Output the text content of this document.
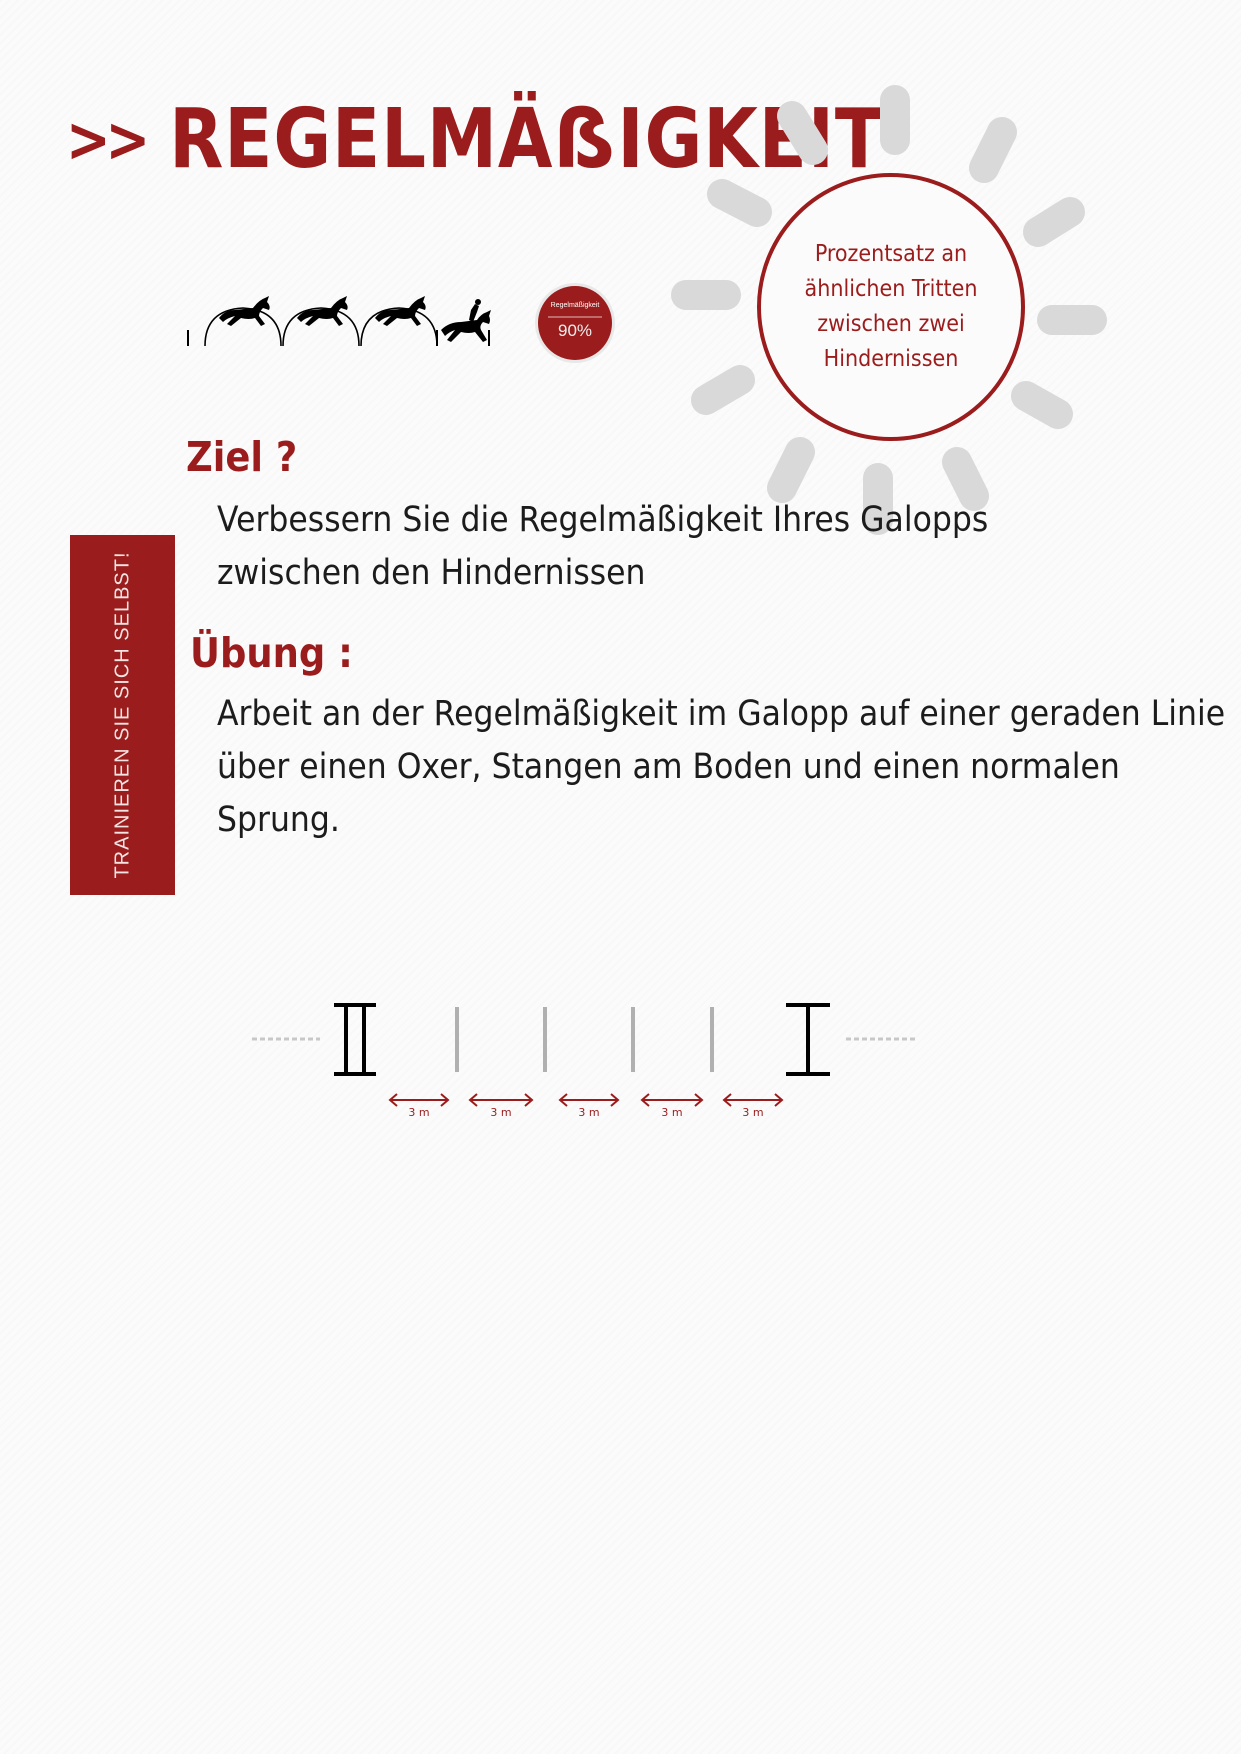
>> REGELMÄẞIGKEIT
Prozentsatz an
ähnlichen Tritten
zwischen zwei
Hindernissen
Regelmäßigkeit
90%
Ziel ?

Verbessern Sie die Regelmäßigkeit Ihres Galopps zwischen den Hindernissen

TRAINIEREN SIE SICH SELBST! Übung :

Arbeit an der Regelmäßigkeit im Galopp auf einer geraden Linie über einen Oxer, Stangen am Boden und einen normalen Sprung.

3 m	3 m	3 m	3 m	3 m
